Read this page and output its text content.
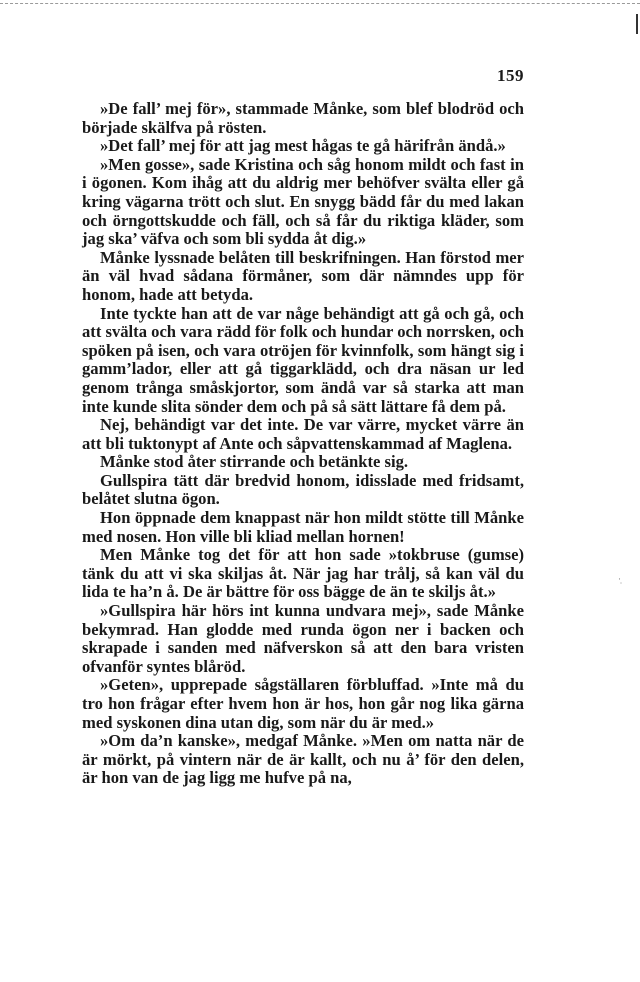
·̣
159

»De fall’ mej för», stammade Månke, som blef blodröd och började skälfva på rösten.

»Det fall’ mej för att jag mest hågas te gå härifrån ändå.»

»Men gosse», sade Kristina och såg honom mildt och fast in i ögonen. Kom ihåg att du aldrig mer behöfver svälta eller gå kring vägarna trött och slut. En snygg bädd får du med lakan och örngottskudde och fäll, och så får du riktiga kläder, som jag ska’ väfva och som bli sydda åt dig.»

Månke lyssnade belåten till beskrifningen. Han förstod mer än väl hvad sådana förmåner, som där nämndes upp för honom, hade att betyda.

Inte tyckte han att de var någe behändigt att gå och gå, och att svälta och vara rädd för folk och hundar och norrsken, och spöken på isen, och vara otröjen för kvinnfolk, som hängt sig i gamm’lador, eller att gå tiggarklädd, och dra näsan ur led genom trånga småskjortor, som ändå var så starka att man inte kunde slita sönder dem och på så sätt lättare få dem på.

Nej, behändigt var det inte. De var värre, mycket värre än att bli tuktonypt af Ante och såpvattenskammad af Maglena.

Månke stod åter stirrande och betänkte sig.

Gullspira tätt där bredvid honom, idisslade med fridsamt, belåtet slutna ögon.

Hon öppnade dem knappast när hon mildt stötte till Månke med nosen. Hon ville bli kliad mellan hornen!

Men Månke tog det för att hon sade »tokbruse (gumse) tänk du att vi ska skiljas åt. När jag har trålj, så kan väl du lida te ha’n å. De är bättre för oss bägge de än te skiljs åt.»

»Gullspira här hörs int kunna undvara mej», sade Månke bekymrad. Han glodde med runda ögon ner i backen och skrapade i sanden med näfverskon så att den bara vristen ofvanför syntes blåröd.

»Geten», upprepade sågställaren förbluffad. »Inte må du tro hon frågar efter hvem hon är hos, hon går nog lika gärna med syskonen dina utan dig, som när du är med.»

»Om da’n kanske», medgaf Månke. »Men om natta när de är mörkt, på vintern när de är kallt, och nu å’ för den delen, är hon van de jag ligg me hufve på na,
